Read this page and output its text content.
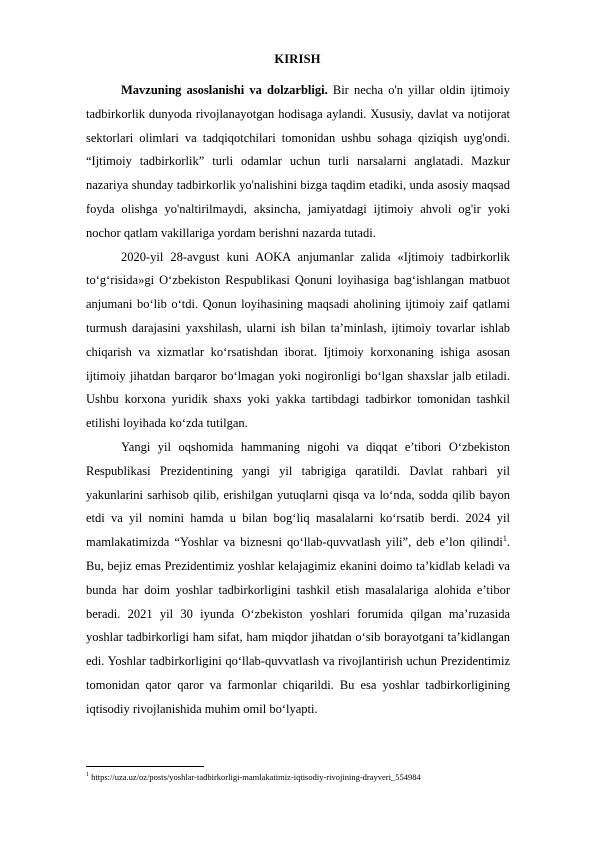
KIRISH

Mavzuning asoslanishi va dolzarbligi. Bir necha o'n yillar oldin ijtimoiy tadbirkorlik dunyoda rivojlanayotgan hodisaga aylandi. Xususiy, davlat va notijorat sektorlari olimlari va tadqiqotchilari tomonidan ushbu sohaga qiziqish uyg'ondi. “Ijtimoiy tadbirkorlik” turli odamlar uchun turli narsalarni anglatadi. Mazkur nazariya shunday tadbirkorlik yo'nalishini bizga taqdim etadiki, unda asosiy maqsad foyda olishga yo'naltirilmaydi, aksincha, jamiyatdagi ijtimoiy ahvoli og'ir yoki nochor qatlam vakillariga yordam berishni nazarda tutadi.

2020-yil 28-avgust kuni AOKA anjumanlar zalida «Ijtimoiy tadbirkorlik to‘g‘risida»gi O‘zbekiston Respublikasi Qonuni loyihasiga bag‘ishlangan matbuot anjumani bo‘lib o‘tdi. Qonun loyihasining maqsadi aholining ijtimoiy zaif qatlami turmush darajasini yaxshilash, ularni ish bilan ta’minlash, ijtimoiy tovarlar ishlab chiqarish va xizmatlar ko‘rsatishdan iborat. Ijtimoiy korxonaning ishiga asosan ijtimoiy jihatdan barqaror bo‘lmagan yoki nogironligi bo‘lgan shaxslar jalb etiladi. Ushbu korxona yuridik shaxs yoki yakka tartibdagi tadbirkor tomonidan tashkil etilishi loyihada ko‘zda tutilgan.

Yangi yil oqshomida hammaning nigohi va diqqat e’tibori O‘zbekiston Respublikasi Prezidentining yangi yil tabrigiga qaratildi. Davlat rahbari yil yakunlarini sarhisob qilib, erishilgan yutuqlarni qisqa va lo‘nda, sodda qilib bayon etdi va yil nomini hamda u bilan bog‘liq masalalarni ko‘rsatib berdi. 2024 yil mamlakatimizda “Yoshlar va biznesni qo‘llab-quvvatlash yili”, deb e’lon qilindi$^1$. Bu, bejiz emas Prezidentimiz yoshlar kelajagimiz ekanini doimo ta’kidlab keladi va bunda har doim yoshlar tadbirkorligini tashkil etish masalalariga alohida e’tibor beradi. 2021 yil 30 iyunda O‘zbekiston yoshlari forumida qilgan ma’ruzasida yoshlar tadbirkorligi ham sifat, ham miqdor jihatdan o‘sib borayotgani ta’kidlangan edi. Yoshlar tadbirkorligini qo‘llab-quvvatlash va rivojlantirish uchun Prezidentimiz tomonidan qator qaror va farmonlar chiqarildi. Bu esa yoshlar tadbirkorligining iqtisodiy rivojlanishida muhim omil bo‘lyapti.

$^1$ https://uza.uz/oz/posts/yoshlar-tadbirkorligi-mamlakatimiz-iqtisodiy-rivojining-drayveri_554984
